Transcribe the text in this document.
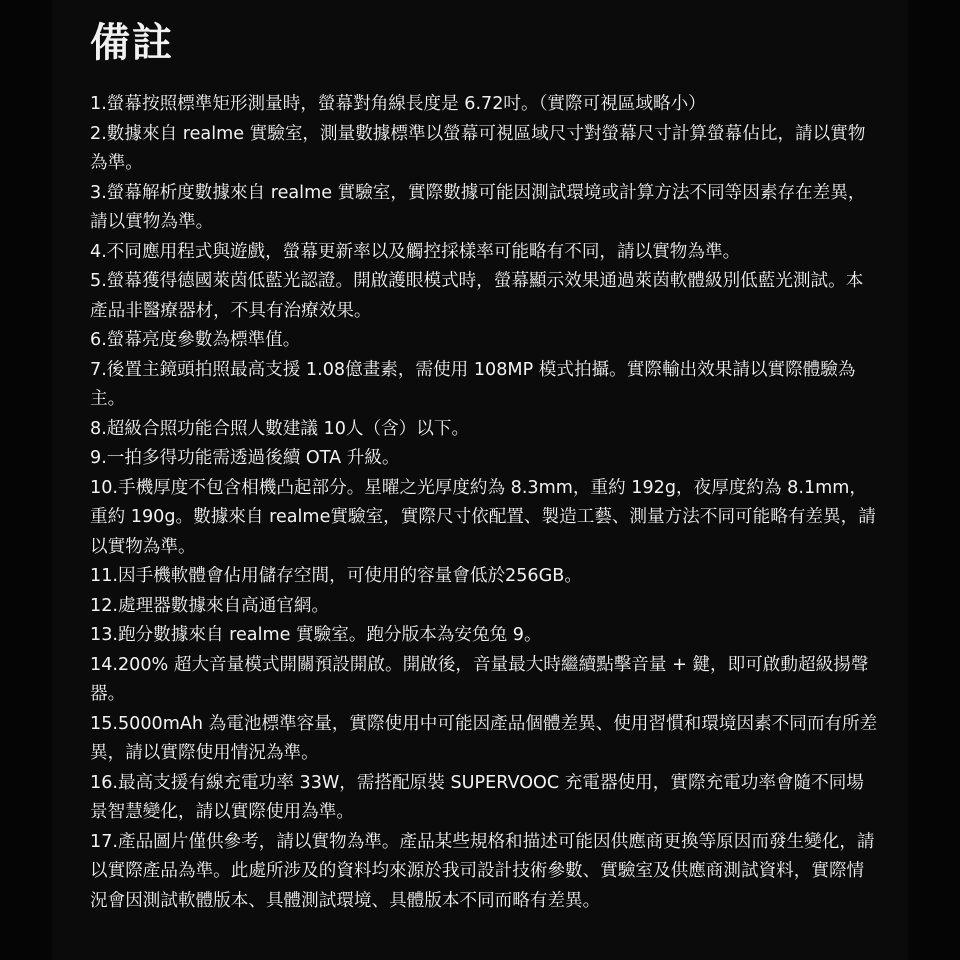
備註
1.螢幕按照標準矩形測量時，螢幕對角線長度是 6.72吋。（實際可視區域略小）
2.數據來自 realme 實驗室，測量數據標準以螢幕可視區域尺寸對螢幕尺寸計算螢幕佔比，請以實物為準。
3.螢幕解析度數據來自 realme 實驗室，實際數據可能因測試環境或計算方法不同等因素存在差異，請以實物為準。
4.不同應用程式與遊戲，螢幕更新率以及觸控採樣率可能略有不同，請以實物為準。
5.螢幕獲得德國萊茵低藍光認證。開啟護眼模式時，螢幕顯示效果通過萊茵軟體級別低藍光測試。本產品非醫療器材，不具有治療效果。
6.螢幕亮度參數為標準值。
7.後置主鏡頭拍照最高支援 1.08億畫素，需使用 108MP 模式拍攝。實際輸出效果請以實際體驗為主。
8.超級合照功能合照人數建議 10人（含）以下。
9.一拍多得功能需透過後續 OTA 升級。
10.手機厚度不包含相機凸起部分。星曜之光厚度約為 8.3mm，重約 192g，夜厚度約為 8.1mm，重約 190g。數據來自 realme實驗室，實際尺寸依配置、製造工藝、測量方法不同可能略有差異，請以實物為準。
11.因手機軟體會佔用儲存空間，可使用的容量會低於256GB。
12.處理器數據來自高通官網。
13.跑分數據來自 realme 實驗室。跑分版本為安兔兔 9。
14.200% 超大音量模式開關預設開啟。開啟後，音量最大時繼續點擊音量 + 鍵，即可啟動超級揚聲器。
15.5000mAh 為電池標準容量，實際使用中可能因產品個體差異、使用習慣和環境因素不同而有所差異，請以實際使用情況為準。
16.最高支援有線充電功率 33W，需搭配原裝 SUPERVOOC 充電器使用，實際充電功率會隨不同場景智慧變化，請以實際使用為準。
17.產品圖片僅供參考，請以實物為準。產品某些規格和描述可能因供應商更換等原因而發生變化，請以實際產品為準。此處所涉及的資料均來源於我司設計技術參數、實驗室及供應商測試資料，實際情況會因測試軟體版本、具體測試環境、具體版本不同而略有差異。
